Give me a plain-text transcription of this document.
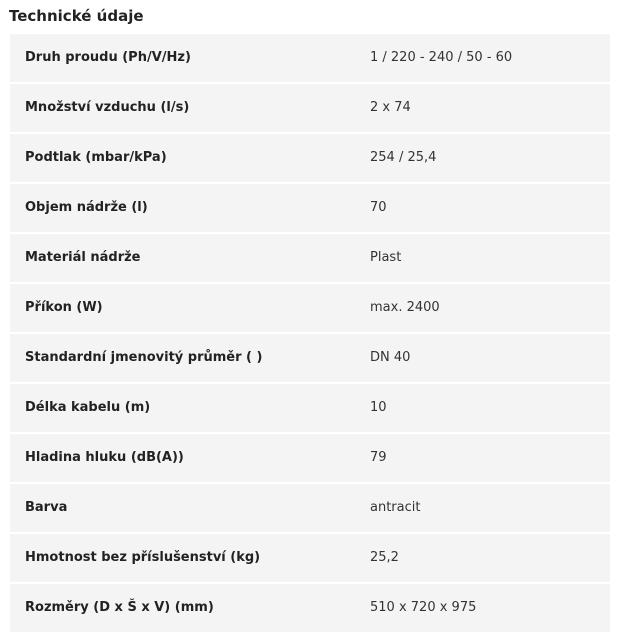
Technické údaje
Druh proudu (Ph/V/Hz)	1 / 220 - 240 / 50 - 60
Množství vzduchu (l/s)	2 x 74
Podtlak (mbar/kPa)	254 / 25,4
Objem nádrže (l)	70
Materiál nádrže	Plast
Příkon (W)	max. 2400
Standardní jmenovitý průměr ( )	DN 40
Délka kabelu (m)	10
Hladina hluku (dB(A))	79
Barva	antracit
Hmotnost bez příslušenství (kg)	25,2
Rozměry (D x Š x V) (mm)	510 x 720 x 975
